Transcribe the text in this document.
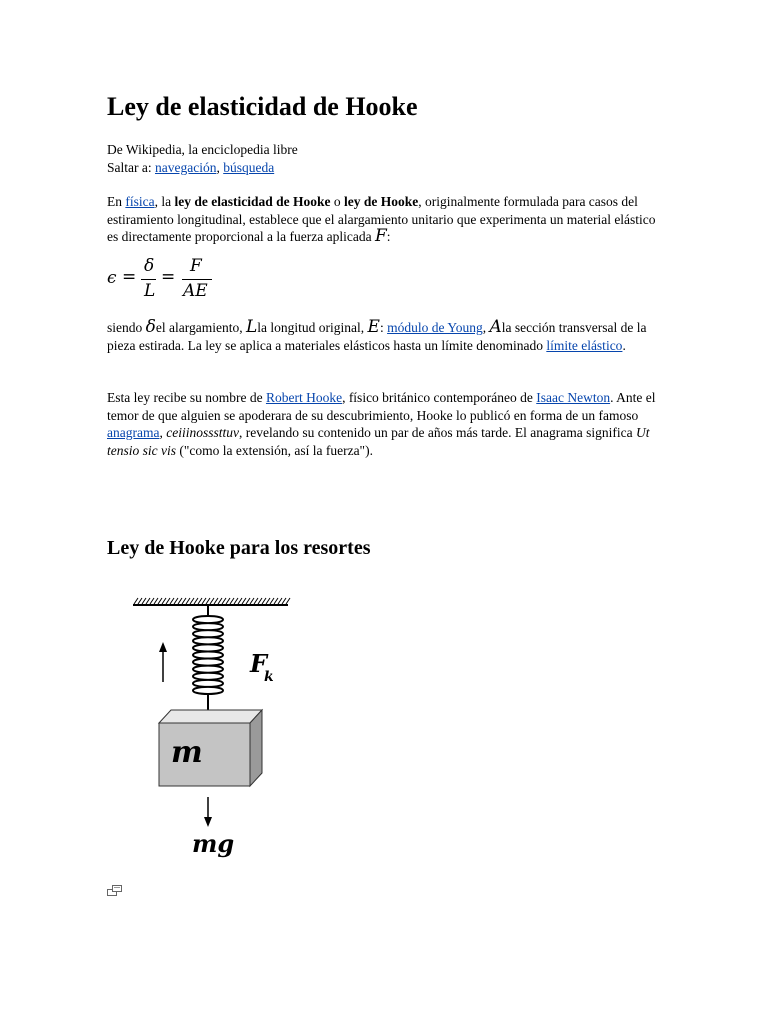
Ley de elasticidad de Hooke
De Wikipedia, la enciclopedia libre
Saltar a: navegación, búsqueda

En física, la ley de elasticidad de Hooke o ley de Hooke, originalmente formulada para casos del estiramiento longitudinal, establece que el alargamiento unitario que experimenta un material elástico es directamente proporcional a la fuerza aplicada F:

ϵ =
δ
L
=
F
AE

siendo δel alargamiento, Lla longitud original, E: módulo de Young, Ala sección transversal de la pieza estirada. La ley se aplica a materiales elásticos hasta un límite denominado límite elástico.

Esta ley recibe su nombre de Robert Hooke, físico británico contemporáneo de Isaac Newton. Ante el temor de que alguien se apoderara de su descubrimiento, Hooke lo publicó en forma de un famoso anagrama, ceiiinosssttuv, revelando su contenido un par de años más tarde. El anagrama significa Ut tensio sic vis ("como la extensión, así la fuerza").

Ley de Hooke para los resortes
m
F
k
mg
